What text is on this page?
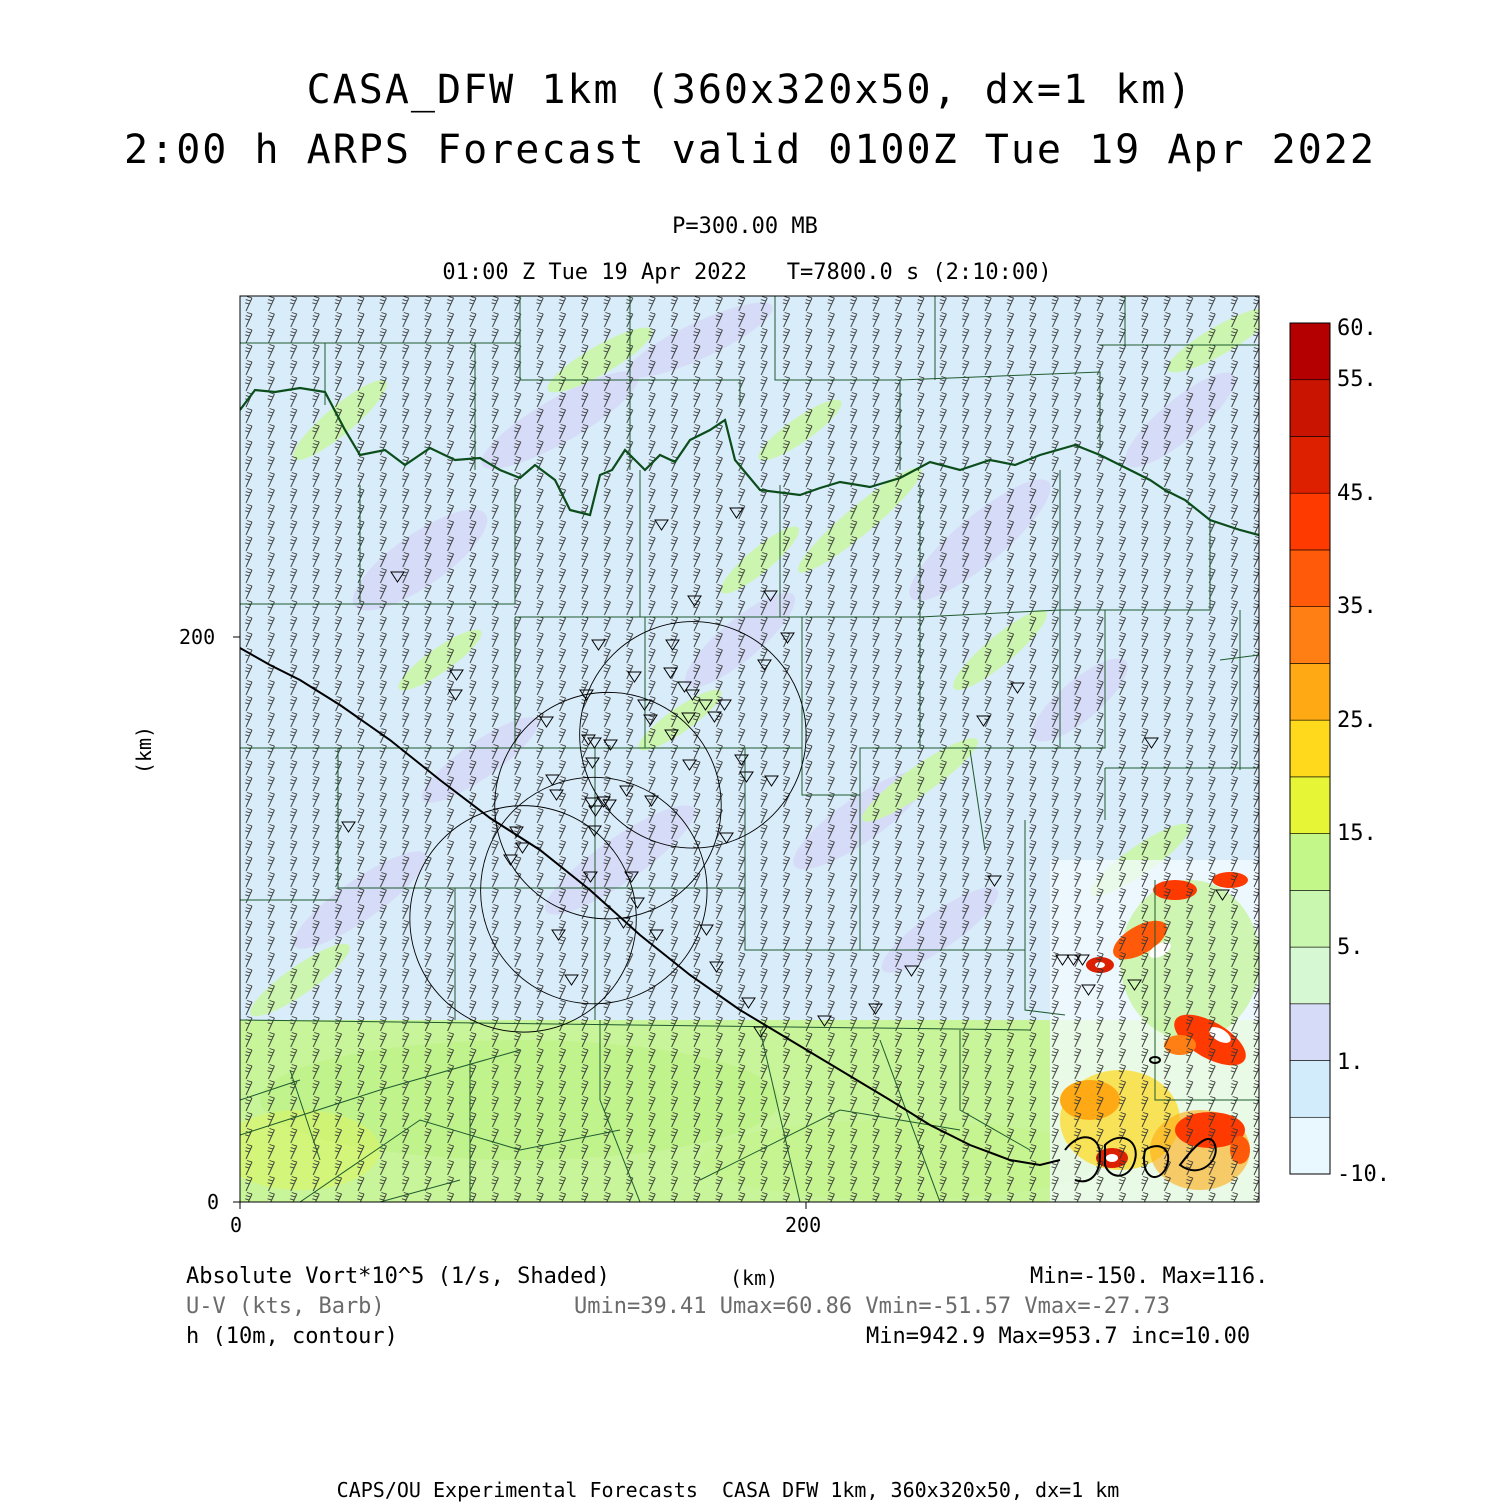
CASA_DFW 1km (360x320x50, dx=1 km)
2:00 h ARPS Forecast valid 0100Z Tue 19 Apr 2022
P=300.00 MB
01:00 Z Tue 19 Apr 2022   T=7800.0 s (2:10:00)
(km)
200
0
0	200
(km)
60.
55.
45.
35.
25.
15.
5.
1.
-10.
Absolute Vort*10^5 (1/s, Shaded)	Min=-150. Max=116.
U-V (kts, Barb)	Umin=39.41 Umax=60.86 Vmin=-51.57 Vmax=-27.73
h (10m, contour)	Min=942.9 Max=953.7 inc=10.00
CAPS/OU Experimental Forecasts  CASA DFW 1km, 360x320x50, dx=1 km
